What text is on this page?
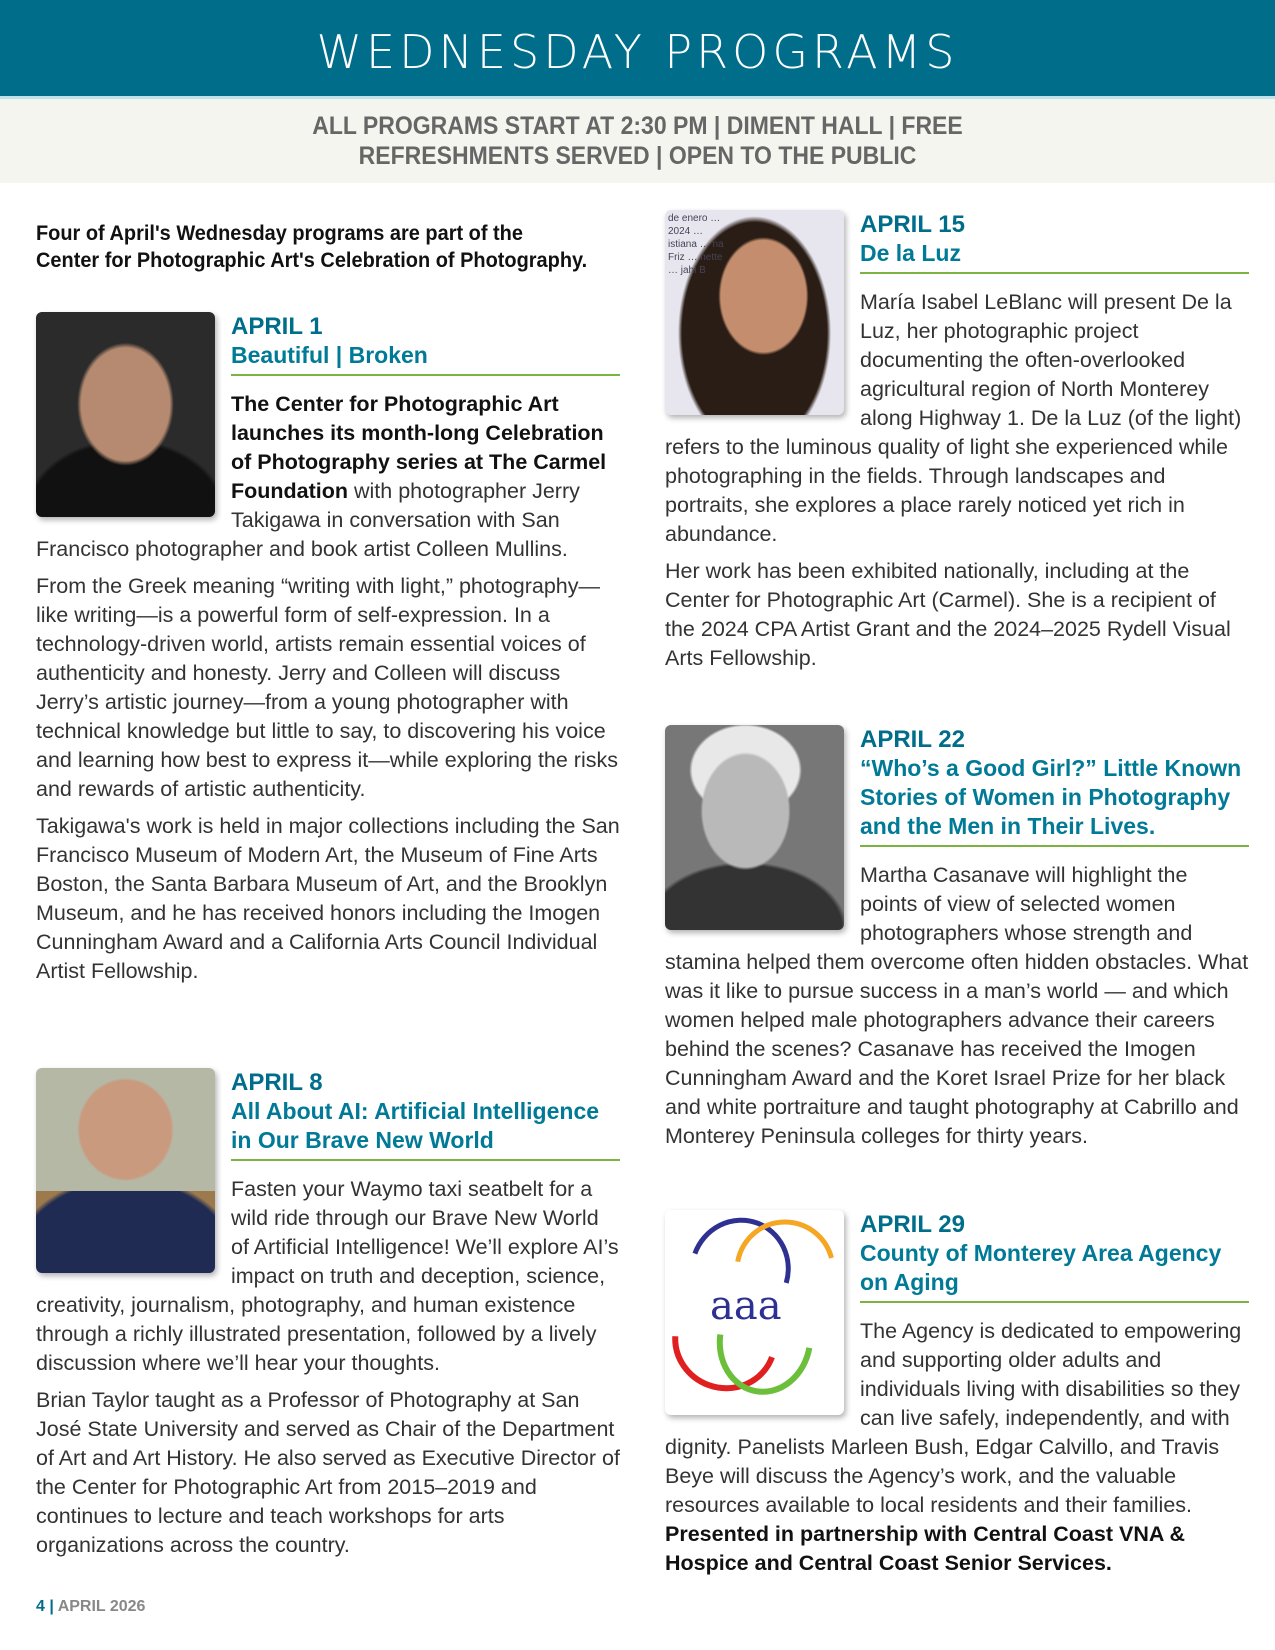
WEDNESDAY PROGRAMS
ALL PROGRAMS START AT 2:30 PM | DIMENT HALL | FREE
REFRESHMENTS SERVED | OPEN TO THE PUBLIC
Four of April's Wednesday programs are part of the Center for Photographic Art's Celebration of Photography.
APRIL 1
Beautiful | Broken

The Center for Photographic Art launches its month-long Celebration of Photography series at The Carmel Foundation with photographer Jerry Takigawa in conversation with San Francisco photographer and book artist Colleen Mullins.

From the Greek meaning “writing with light,” photography—like writing—is a powerful form of self-expression. In a technology-driven world, artists remain essential voices of authenticity and honesty. Jerry and Colleen will discuss Jerry’s artistic journey—from a young photographer with technical knowledge but little to say, to discovering his voice and learning how best to express it—while exploring the risks and rewards of artistic authenticity.

Takigawa's work is held in major collections including the San Francisco Museum of Modern Art, the Museum of Fine Arts Boston, the Santa Barbara Museum of Art, and the Brooklyn Museum, and he has received honors including the Imogen Cunningham Award and a California Arts Council Individual Artist Fellowship.

APRIL 8
All About AI: Artificial Intelligence in Our Brave New World

Fasten your Waymo taxi seatbelt for a wild ride through our Brave New World of Artificial Intelligence! We’ll explore AI’s impact on truth and deception, science, creativity, journalism, photography, and human existence through a richly illustrated presentation, followed by a lively discussion where we’ll hear your thoughts.

Brian Taylor taught as a Professor of Photography at San José State University and served as Chair of the Department of Art and Art History. He also served as Executive Director of the Center for Photographic Art from 2015–2019 and continues to lecture and teach workshops for arts organizations across the country.

de enero … 2024 … istiana … na Friz … nette … jahl B
APRIL 15
De la Luz

María Isabel LeBlanc will present De la Luz, her photographic project documenting the often-overlooked agricultural region of North Monterey along Highway 1. De la Luz (of the light) refers to the luminous quality of light she experienced while photographing in the fields. Through landscapes and portraits, she explores a place rarely noticed yet rich in abundance.

Her work has been exhibited nationally, including at the Center for Photographic Art (Carmel). She is a recipient of the 2024 CPA Artist Grant and the 2024–2025 Rydell Visual Arts Fellowship.

APRIL 22
“Who’s a Good Girl?” Little Known Stories of Women in Photography and the Men in Their Lives.

Martha Casanave will highlight the points of view of selected women photographers whose strength and stamina helped them overcome often hidden obstacles. What was it like to pursue success in a man’s world — and which women helped male photographers advance their careers behind the scenes? Casanave has received the Imogen Cunningham Award and the Koret Israel Prize for her black and white portraiture and taught photography at Cabrillo and Monterey Peninsula colleges for thirty years.

aaa
APRIL 29
County of Monterey Area Agency on Aging

The Agency is dedicated to empowering and supporting older adults and individuals living with disabilities so they can live safely, independently, and with dignity. Panelists Marleen Bush, Edgar Calvillo, and Travis Beye will discuss the Agency’s work, and the valuable resources available to local residents and their families. Presented in partnership with Central Coast VNA & Hospice and Central Coast Senior Services.

4 | APRIL 2026
